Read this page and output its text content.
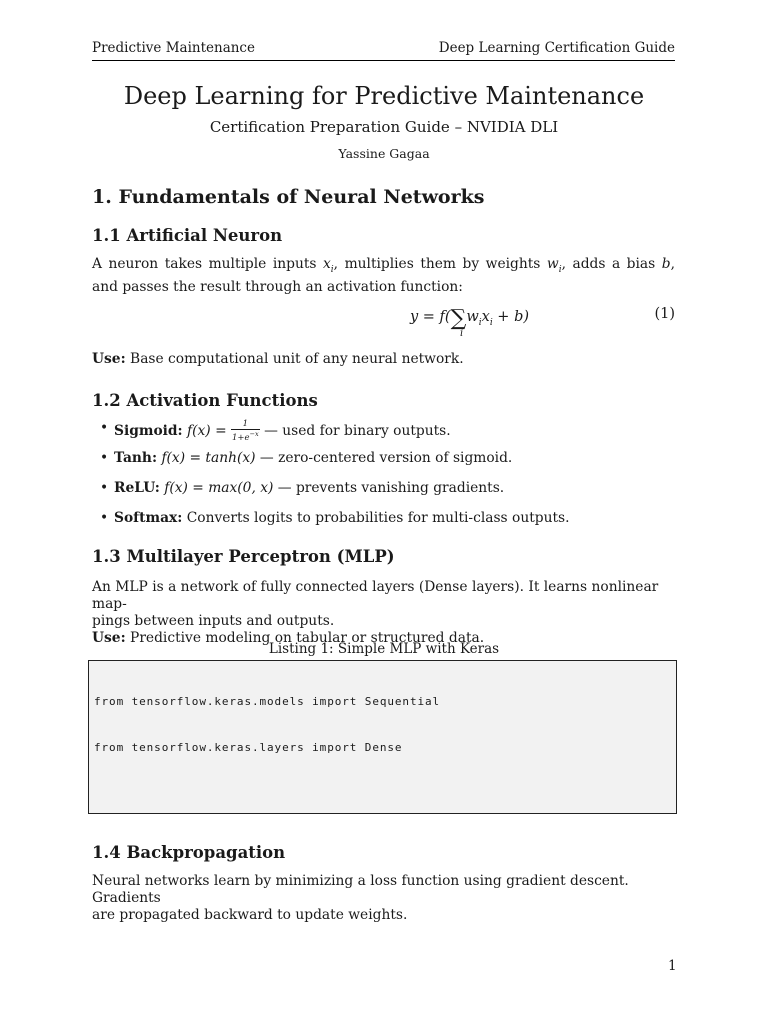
Predictive Maintenance	Deep Learning Certification Guide
Deep Learning for Predictive Maintenance
Certification Preparation Guide – NVIDIA DLI
Yassine Gagaa
1. Fundamentals of Neural Networks
1.1 Artificial Neuron
A neuron takes multiple inputs $x_i$, multiplies them by weights $w_i$, adds a bias b, and passes the result through an activation function:
$y = f(\sum w_ix_i + b)$
i
(1)
Use: Base computational unit of any neural network.
1.2 Activation Functions
• Sigmoid: $f(x) = \frac{1}{1+e^{-x}}$ — used for binary outputs.
• Tanh: f(x) = tanh(x) — zero-centered version of sigmoid.
• ReLU: f(x) = max(0, x) — prevents vanishing gradients.
• Softmax: Converts logits to probabilities for multi-class outputs.
1.3 Multilayer Perceptron (MLP)
An MLP is a network of fully connected layers (Dense layers). It learns nonlinear map-
pings between inputs and outputs.
Use: Predictive modeling on tabular or structured data.
Listing 1: Simple MLP with Keras

from tensorflow.keras.models import Sequential

from tensorflow.keras.layers import Dense

1.4 Backpropagation
Neural networks learn by minimizing a loss function using gradient descent. Gradients
are propagated backward to update weights.
1
